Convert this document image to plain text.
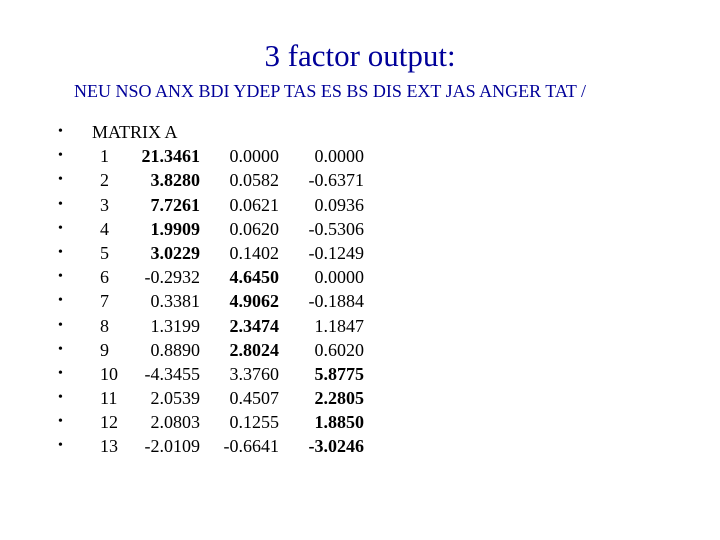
3 factor output:
NEU NSO ANX BDI YDEP TAS ES BS DIS EXT JAS ANGER TAT /
•	MATRIX A
•	1	21.3461	0.0000	0.0000
•	2	3.8280	0.0582	-0.6371
•	3	7.7261	0.0621	0.0936
•	4	1.9909	0.0620	-0.5306
•	5	3.0229	0.1402	-0.1249
•	6	-0.2932	4.6450	0.0000
•	7	0.3381	4.9062	-0.1884
•	8	1.3199	2.3474	1.1847
•	9	0.8890	2.8024	0.6020
•	10	-4.3455	3.3760	5.8775
•	11	2.0539	0.4507	2.2805
•	12	2.0803	0.1255	1.8850
•	13	-2.0109	-0.6641	-3.0246
